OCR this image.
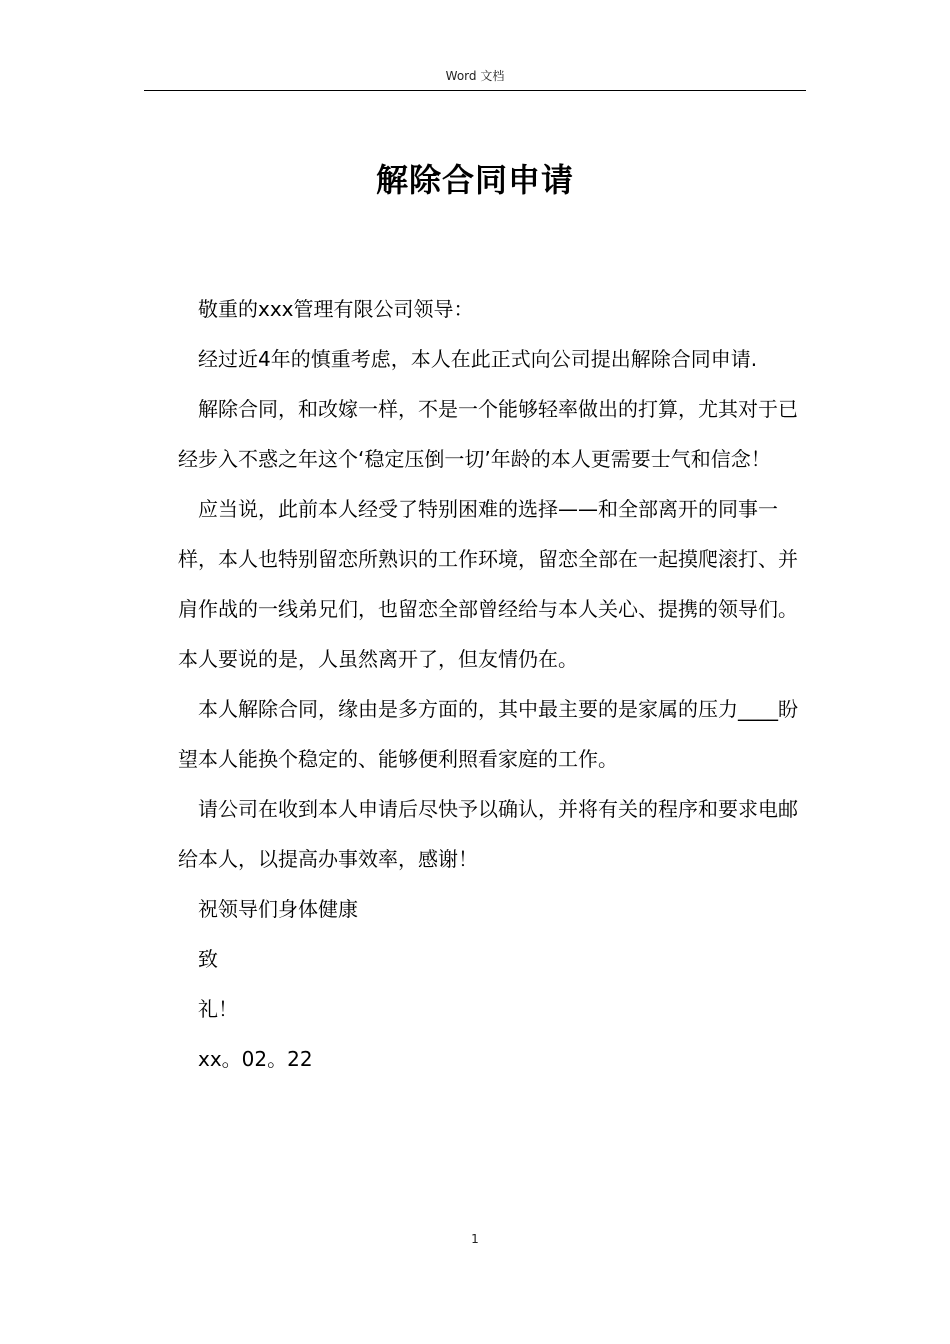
Word 文档
解除合同申请

敬重的xxx管理有限公司领导：

经过近4年的慎重考虑，本人在此正式向公司提出解除合同申请.

解除合同，和改嫁一样，不是一个能够轻率做出的打算，尤其对于已经步入不惑之年这个‘稳定压倒一切’年龄的本人更需要士气和信念！

应当说，此前本人经受了特别困难的选择——和全部离开的同事一样，本人也特别留恋所熟识的工作环境，留恋全部在一起摸爬滚打、并肩作战的一线弟兄们，也留恋全部曾经给与本人关心、提携的领导们。本人要说的是，人虽然离开了，但友情仍在。

本人解除合同，缘由是多方面的，其中最主要的是家属的压力____盼望本人能换个稳定的、能够便利照看家庭的工作。

请公司在收到本人申请后尽快予以确认，并将有关的程序和要求电邮给本人，以提高办事效率，感谢！

祝领导们身体健康

致

礼！

xx。02。22

1
